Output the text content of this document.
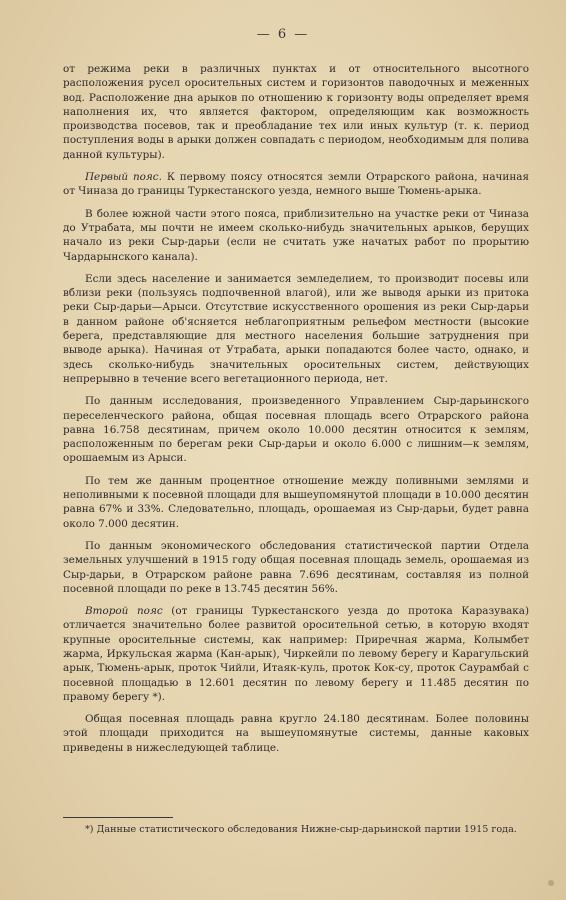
— 6 —

от режима реки в различных пунктах и от относительного высотного расположения русел оросительных систем и горизонтов паводочных и меженных вод. Расположение дна арыков по отношению к горизонту воды определяет время наполнения их, что является фактором, определяющим как возможность производства посевов, так и преобладание тех или иных культур (т. к. период поступления воды в арыки должен совпадать с периодом, необходимым для полива данной культуры).

Первый пояс. К первому поясу относятся земли Отрарского района, начиная от Чиназа до границы Туркестанского уезда, немного выше Тюмень-арыка.

В более южной части этого пояса, приблизительно на участке реки от Чиназа до Утрабата, мы почти не имеем сколько-нибудь значительных арыков, берущих начало из реки Сыр-дарьи (если не считать уже начатых работ по прорытию Чардарынского канала).

Если здесь население и занимается земледелием, то производит посевы или вблизи реки (пользуясь подпочвенной влагой), или же выводя арыки из притока реки Сыр-дарьи—Арыси. Отсутствие искусственного орошения из реки Сыр-дарьи в данном районе об'ясняется неблагоприятным рельефом местности (высокие берега, представляющие для местного населения большие затруднения при выводе арыка). Начиная от Утрабата, арыки попадаются более часто, однако, и здесь сколько-нибудь значительных оросительных систем, действующих непрерывно в течение всего вегетационного периода, нет.

По данным исследования, произведенного Управлением Сыр-дарьинского переселенческого района, общая посевная площадь всего Отрарского района равна 16.758 десятинам, причем около 10.000 десятин относится к землям, расположенным по берегам реки Сыр-дарьи и около 6.000 с лишним—к землям, орошаемым из Арыси.

По тем же данным процентное отношение между поливными землями и неполивными к посевной площади для вышеупомянутой площади в 10.000 десятин равна 67% и 33%. Следовательно, площадь, орошаемая из Сыр-дарьи, будет равна около 7.000 десятин.

По данным экономического обследования статистической партии Отдела земельных улучшений в 1915 году общая посевная площадь земель, орошаемая из Сыр-дарьи, в Отрарском районе равна 7.696 десятинам, составляя из полной посевной площади по реке в 13.745 десятин 56%.

Второй пояс (от границы Туркестанского уезда до протока Каразувака) отличается значительно более развитой оросительной сетью, в которую входят крупные оросительные системы, как например: Приречная жарма, Колымбет жарма, Иркульская жарма (Кан-арык), Чиркейли по левому берегу и Карагульский арык, Тюмень-арык, проток Чийли, Итаяк-куль, проток Кок-су, проток Саурамбай с посевной площадью в 12.601 десятин по левому берегу и 11.485 десятин по правому берегу *).

Общая посевная площадь равна кругло 24.180 десятинам. Более половины этой площади приходится на вышеупомянутые системы, данные каковых приведены в нижеследующей таблице.

*) Данные статистического обследования Нижне-сыр-дарьинской партии 1915 года.
